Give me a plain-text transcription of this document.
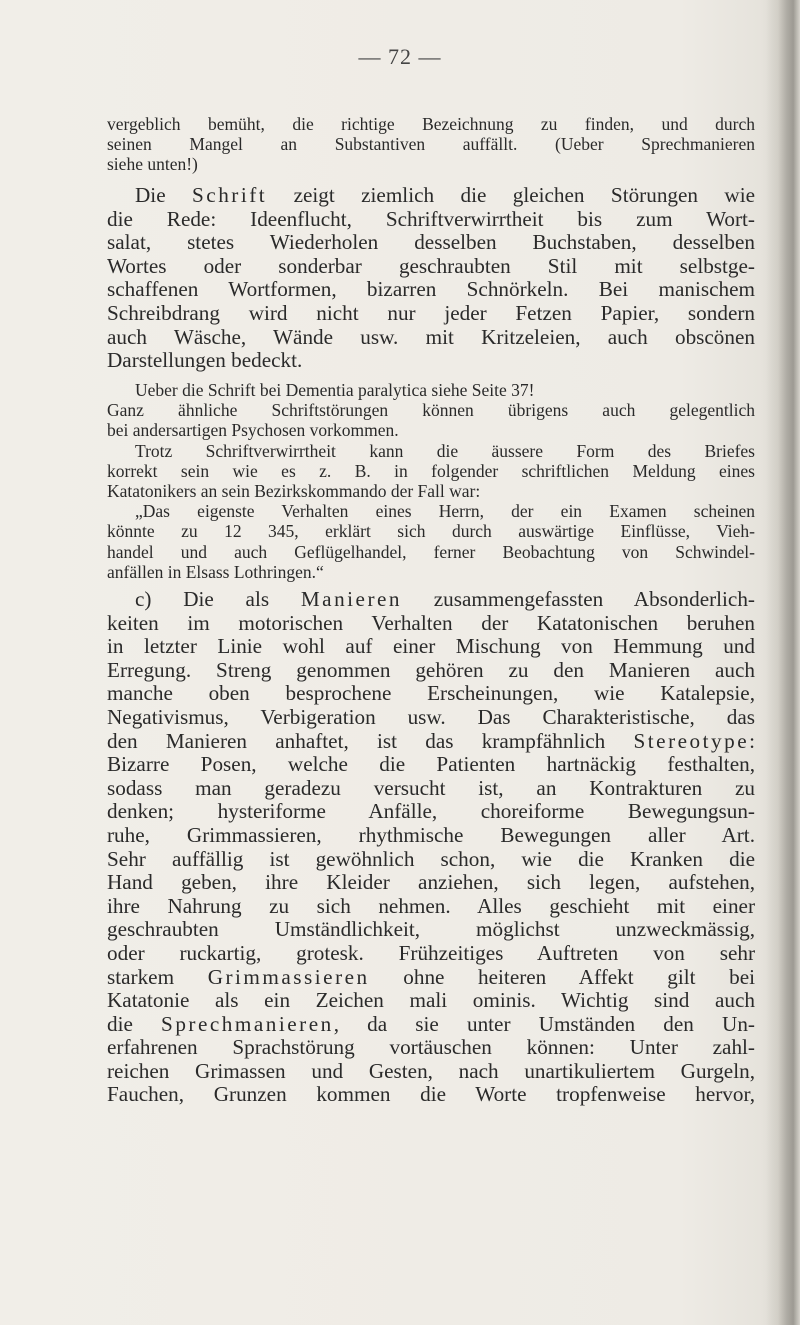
— 72 —
vergeblich bemüht, die richtige Bezeichnung zu finden, und durch
seinen Mangel an Substantiven auffällt. (Ueber Sprechmanieren
siehe unten!)
Die Schrift zeigt ziemlich die gleichen Störungen wie
die Rede: Ideenflucht, Schriftverwirrtheit bis zum Wort-
salat, stetes Wiederholen desselben Buchstaben, desselben
Wortes oder sonderbar geschraubten Stil mit selbstge-
schaffenen Wortformen, bizarren Schnörkeln. Bei manischem
Schreibdrang wird nicht nur jeder Fetzen Papier, sondern
auch Wäsche, Wände usw. mit Kritzeleien, auch obscönen
Darstellungen bedeckt.
Ueber die Schrift bei Dementia paralytica siehe Seite 37!
Ganz ähnliche Schriftstörungen können übrigens auch gelegentlich
bei andersartigen Psychosen vorkommen.
Trotz Schriftverwirrtheit kann die äussere Form des Briefes
korrekt sein wie es z. B. in folgender schriftlichen Meldung eines
Katatonikers an sein Bezirkskommando der Fall war:
„Das eigenste Verhalten eines Herrn, der ein Examen scheinen
könnte zu 12 345, erklärt sich durch auswärtige Einflüsse, Vieh-
handel und auch Geflügelhandel, ferner Beobachtung von Schwindel-
anfällen in Elsass Lothringen.“
c) Die als Manieren zusammengefassten Absonderlich-
keiten im motorischen Verhalten der Katatonischen beruhen
in letzter Linie wohl auf einer Mischung von Hemmung und
Erregung. Streng genommen gehören zu den Manieren auch
manche oben besprochene Erscheinungen, wie Katalepsie,
Negativismus, Verbigeration usw. Das Charakteristische, das
den Manieren anhaftet, ist das krampfähnlich Stereotype:
Bizarre Posen, welche die Patienten hartnäckig festhalten,
sodass man geradezu versucht ist, an Kontrakturen zu
denken; hysteriforme Anfälle, choreiforme Bewegungsun-
ruhe, Grimmassieren, rhythmische Bewegungen aller Art.
Sehr auffällig ist gewöhnlich schon, wie die Kranken die
Hand geben, ihre Kleider anziehen, sich legen, aufstehen,
ihre Nahrung zu sich nehmen. Alles geschieht mit einer
geschraubten Umständlichkeit, möglichst unzweckmässig,
oder ruckartig, grotesk. Frühzeitiges Auftreten von sehr
starkem Grimmassieren ohne heiteren Affekt gilt bei
Katatonie als ein Zeichen mali ominis. Wichtig sind auch
die Sprechmanieren, da sie unter Umständen den Un-
erfahrenen Sprachstörung vortäuschen können: Unter zahl-
reichen Grimassen und Gesten, nach unartikuliertem Gurgeln,
Fauchen, Grunzen kommen die Worte tropfenweise hervor,
